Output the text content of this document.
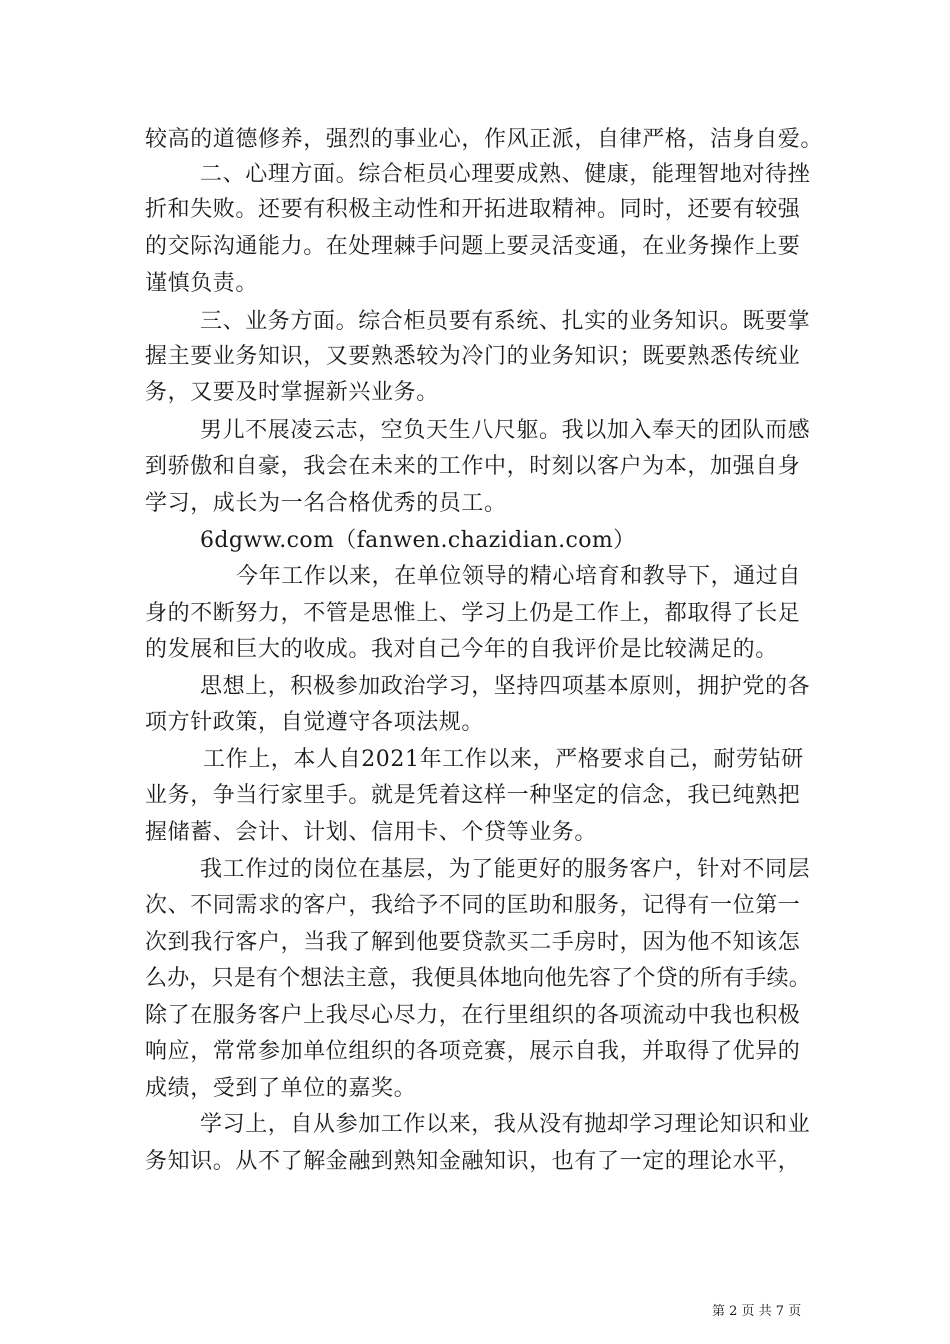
较高的道德修养，强烈的事业心，作风正派，自律严格，洁身自爱。
二、心理方面。综合柜员心理要成熟、健康，能理智地对待挫
折和失败。还要有积极主动性和开拓进取精神。同时，还要有较强
的交际沟通能力。在处理棘手问题上要灵活变通，在业务操作上要
谨慎负责。
三、业务方面。综合柜员要有系统、扎实的业务知识。既要掌
握主要业务知识，又要熟悉较为冷门的业务知识；既要熟悉传统业
务，又要及时掌握新兴业务。
男儿不展凌云志，空负天生八尺躯。我以加入奉天的团队而感
到骄傲和自豪，我会在未来的工作中，时刻以客户为本，加强自身
学习，成长为一名合格优秀的员工。
6dgww.com（fanwen.chazidian.com）
今年工作以来，在单位领导的精心培育和教导下，通过自
身的不断努力，不管是思惟上、学习上仍是工作上，都取得了长足
的发展和巨大的收成。我对自己今年的自我评价是比较满足的。
思想上，积极参加政治学习，坚持四项基本原则，拥护党的各
项方针政策，自觉遵守各项法规。
工作上，本人自2021年工作以来，严格要求自己，耐劳钻研
业务，争当行家里手。就是凭着这样一种坚定的信念，我已纯熟把
握储蓄、会计、计划、信用卡、个贷等业务。
我工作过的岗位在基层，为了能更好的服务客户，针对不同层
次、不同需求的客户，我给予不同的匡助和服务，记得有一位第一
次到我行客户，当我了解到他要贷款买二手房时，因为他不知该怎
么办，只是有个想法主意，我便具体地向他先容了个贷的所有手续。
除了在服务客户上我尽心尽力，在行里组织的各项流动中我也积极
响应，常常参加单位组织的各项竞赛，展示自我，并取得了优异的
成绩，受到了单位的嘉奖。
学习上，自从参加工作以来，我从没有抛却学习理论知识和业
务知识。从不了解金融到熟知金融知识，也有了一定的理论水平，
第 2 页 共 7 页
